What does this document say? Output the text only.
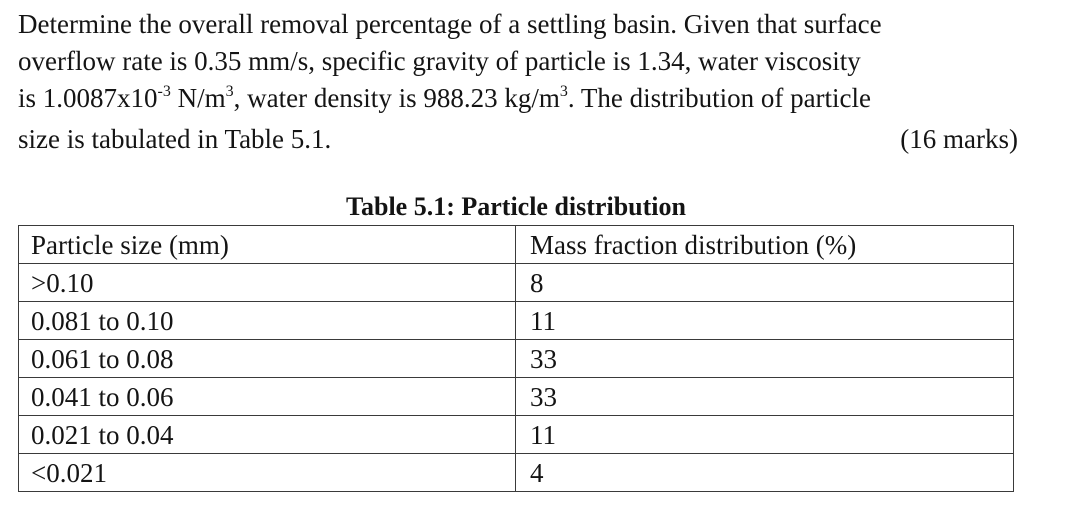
Determine the overall removal percentage of a settling basin. Given that surface
overflow rate is 0.35 mm/s, specific gravity of particle is 1.34, water viscosity
is $1.0087x10^{-3}$ $N/m^3$, water density is 988.23 $kg/m^3$. The distribution of particle
size is tabulated in Table 5.1.	(16 marks)
Table 5.1: Particle distribution
Particle size (mm)	Mass fraction distribution (%)
>0.10	8
0.081 to 0.10	11
0.061 to 0.08	33
0.041 to 0.06	33
0.021 to 0.04	11
<0.021	4
